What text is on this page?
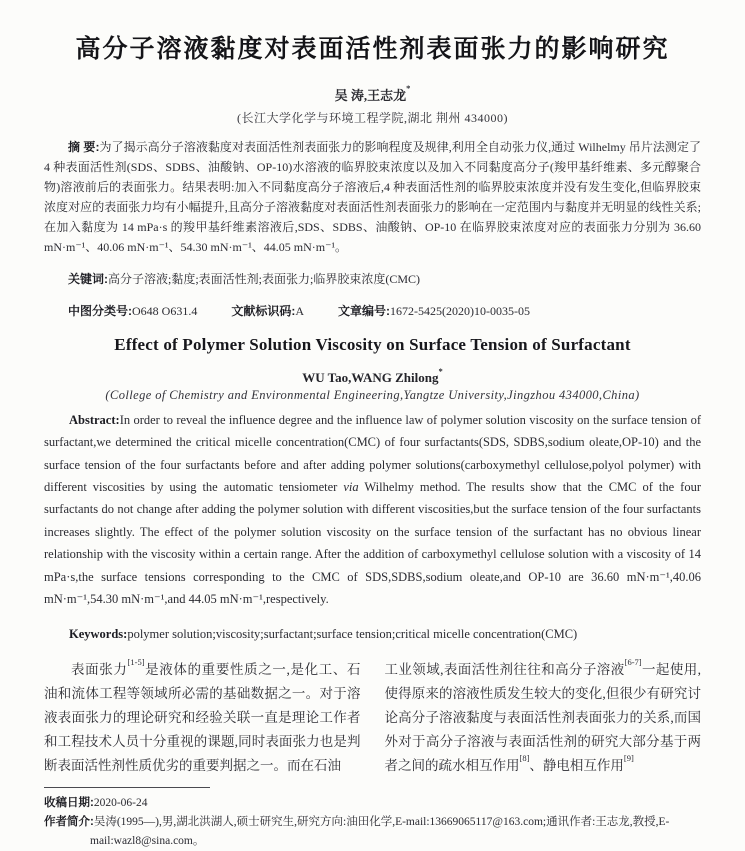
高分子溶液黏度对表面活性剂表面张力的影响研究
吴 涛,王志龙*
(长江大学化学与环境工程学院,湖北 荆州 434000)

摘 要:为了揭示高分子溶液黏度对表面活性剂表面张力的影响程度及规律,利用全自动张力仪,通过 Wilhelmy 吊片法测定了 4 种表面活性剂(SDS、SDBS、油酸钠、OP-10)水溶液的临界胶束浓度以及加入不同黏度高分子(羧甲基纤维素、多元醇聚合物)溶液前后的表面张力。结果表明:加入不同黏度高分子溶液后,4 种表面活性剂的临界胶束浓度并没有发生变化,但临界胶束浓度对应的表面张力均有小幅提升,且高分子溶液黏度对表面活性剂表面张力的影响在一定范围内与黏度并无明显的线性关系;在加入黏度为 14 mPa·s 的羧甲基纤维素溶液后,SDS、SDBS、油酸钠、OP-10 在临界胶束浓度对应的表面张力分别为 36.60 mN·m⁻¹、40.06 mN·m⁻¹、54.30 mN·m⁻¹、44.05 mN·m⁻¹。

关键词:高分子溶液;黏度;表面活性剂;表面张力;临界胶束浓度(CMC)

中图分类号:O648 O631.4	文献标识码:A	文章编号:1672-5425(2020)10-0035-05

Effect of Polymer Solution Viscosity on Surface Tension of Surfactant
WU Tao,WANG Zhilong*
(College of Chemistry and Environmental Engineering,Yangtze University,Jingzhou 434000,China)

Abstract:In order to reveal the influence degree and the influence law of polymer solution viscosity on the surface tension of surfactant,we determined the critical micelle concentration(CMC) of four surfactants(SDS, SDBS,sodium oleate,OP-10) and the surface tension of the four surfactants before and after adding polymer solutions(carboxymethyl cellulose,polyol polymer) with different viscosities by using the automatic tensiometer via Wilhelmy method. The results show that the CMC of the four surfactants do not change after adding the polymer solution with different viscosities,but the surface tension of the four surfactants increases slightly. The effect of the polymer solution viscosity on the surface tension of the surfactant has no obvious linear relationship with the viscosity within a certain range. After the addition of carboxymethyl cellulose solution with a viscosity of 14 mPa·s,the surface tensions corresponding to the CMC of SDS,SDBS,sodium oleate,and OP-10 are 36.60 mN·m⁻¹,40.06 mN·m⁻¹,54.30 mN·m⁻¹,and 44.05 mN·m⁻¹,respectively.

Keywords:polymer solution;viscosity;surfactant;surface tension;critical micelle concentration(CMC)

表面张力[1-5]是液体的重要性质之一,是化工、石油和流体工程等领域所必需的基础数据之一。对于溶液表面张力的理论研究和经验关联一直是理论工作者和工程技术人员十分重视的课题,同时表面张力也是判断表面活性剂性质优劣的重要判据之一。而在石油

工业领域,表面活性剂往往和高分子溶液[6-7]一起使用,使得原来的溶液性质发生较大的变化,但很少有研究讨论高分子溶液黏度与表面活性剂表面张力的关系,而国外对于高分子溶液与表面活性剂的研究大部分基于两者之间的疏水相互作用[8]、静电相互作用[9]

收稿日期:2020-06-24

作者简介:吴涛(1995—),男,湖北洪湖人,硕士研究生,研究方向:油田化学,E-mail:13669065117@163.com;通讯作者:王志龙,教授,E-mail:wazl8@sina.com。
